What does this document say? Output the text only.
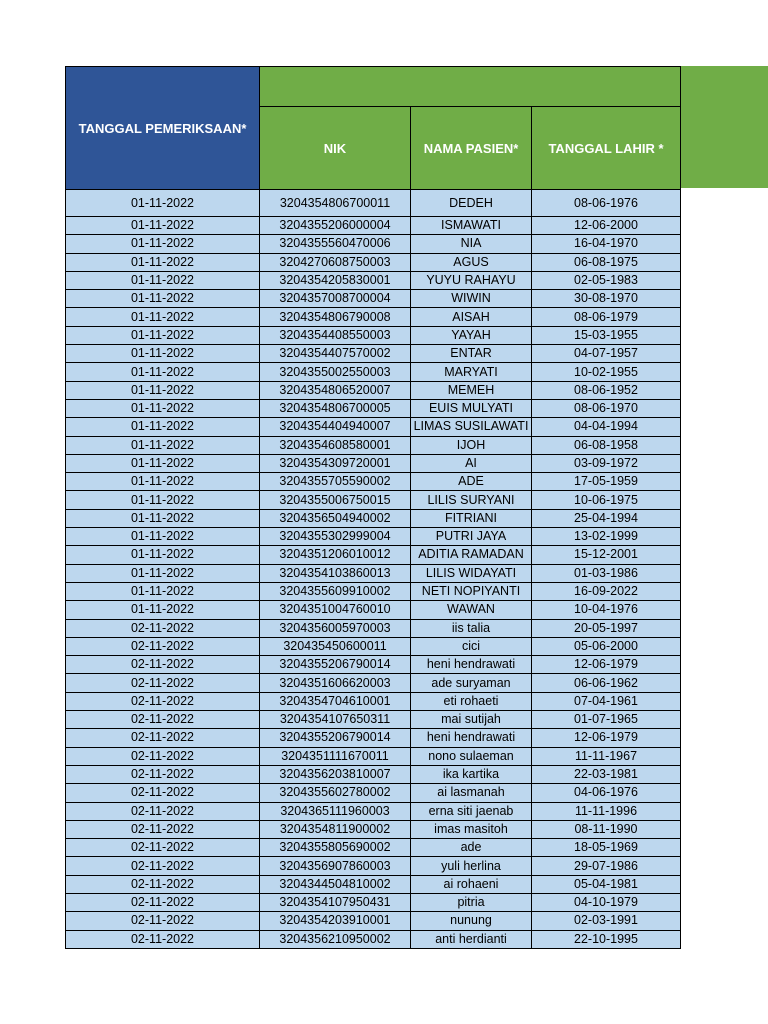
TANGGAL PEMERIKSAAN*			
	NIK	NAMA PASIEN*	TANGGAL LAHIR *
01-11-2022	3204354806700011	DEDEH	08-06-1976
01-11-2022	3204355206000004	ISMAWATI	12-06-2000
01-11-2022	3204355560470006	NIA	16-04-1970
01-11-2022	3204270608750003	AGUS	06-08-1975
01-11-2022	3204354205830001	YUYU RAHAYU	02-05-1983
01-11-2022	3204357008700004	WIWIN	30-08-1970
01-11-2022	3204354806790008	AISAH	08-06-1979
01-11-2022	3204354408550003	YAYAH	15-03-1955
01-11-2022	3204354407570002	ENTAR	04-07-1957
01-11-2022	3204355002550003	MARYATI	10-02-1955
01-11-2022	3204354806520007	MEMEH	08-06-1952
01-11-2022	3204354806700005	EUIS MULYATI	08-06-1970
01-11-2022	3204354404940007	LIMAS SUSILAWATI	04-04-1994
01-11-2022	3204354608580001	IJOH	06-08-1958
01-11-2022	3204354309720001	AI	03-09-1972
01-11-2022	3204355705590002	ADE	17-05-1959
01-11-2022	3204355006750015	LILIS SURYANI	10-06-1975
01-11-2022	3204356504940002	FITRIANI	25-04-1994
01-11-2022	3204355302999004	PUTRI JAYA	13-02-1999
01-11-2022	3204351206010012	ADITIA RAMADAN	15-12-2001
01-11-2022	3204354103860013	LILIS WIDAYATI	01-03-1986
01-11-2022	3204355609910002	NETI NOPIYANTI	16-09-2022
01-11-2022	3204351004760010	WAWAN	10-04-1976
02-11-2022	3204356005970003	iis talia	20-05-1997
02-11-2022	320435450600011	cici	05-06-2000
02-11-2022	3204355206790014	heni hendrawati	12-06-1979
02-11-2022	3204351606620003	ade suryaman	06-06-1962
02-11-2022	3204354704610001	eti rohaeti	07-04-1961
02-11-2022	3204354107650311	mai sutijah	01-07-1965
02-11-2022	3204355206790014	heni hendrawati	12-06-1979
02-11-2022	3204351111670011	nono sulaeman	11-11-1967
02-11-2022	3204356203810007	ika kartika	22-03-1981
02-11-2022	3204355602780002	ai lasmanah	04-06-1976
02-11-2022	3204365111960003	erna siti jaenab	11-11-1996
02-11-2022	3204354811900002	imas masitoh	08-11-1990
02-11-2022	3204355805690002	ade	18-05-1969
02-11-2022	3204356907860003	yuli herlina	29-07-1986
02-11-2022	3204344504810002	ai rohaeni	05-04-1981
02-11-2022	3204354107950431	pitria	04-10-1979
02-11-2022	3204354203910001	nunung	02-03-1991
02-11-2022	3204356210950002	anti herdianti	22-10-1995
